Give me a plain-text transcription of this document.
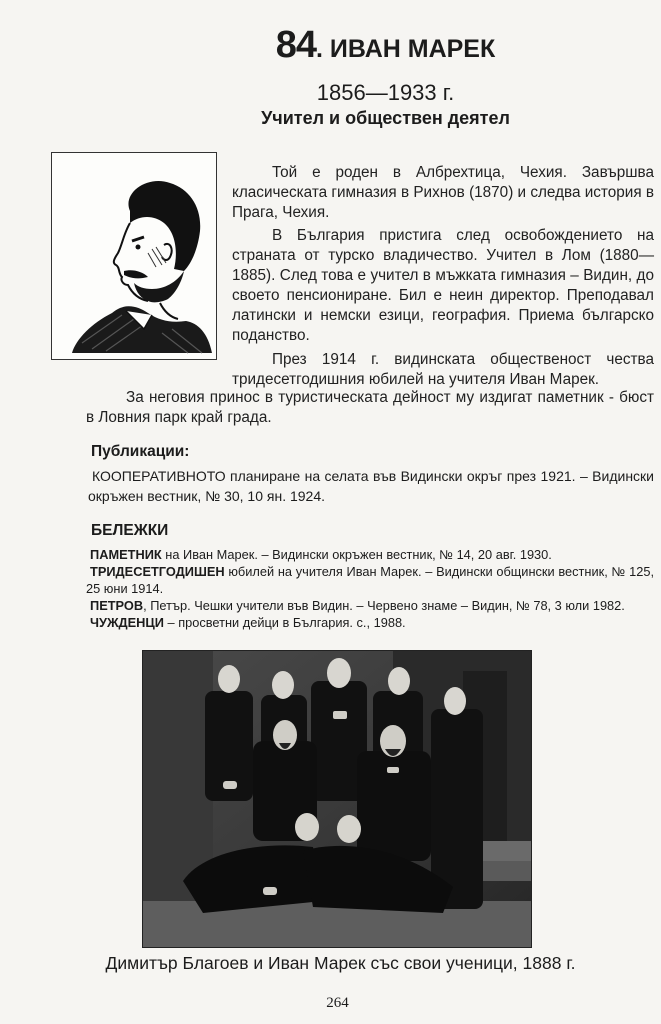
84. ИВАН МАРЕК
1856—1933 г.
Учител и обществен деятел
Той е роден в Албрехтица, Чехия. Завършва класическата гимназия в Рихнов (1870) и следва история в Прага, Чехия.
В България пристига след освобождението на страната от турско владичество. Учител в Лом (1880—1885). След това е учител в мъжката гимназия – Видин, до своето пенсиониране. Бил е неин директор. Преподавал латински и немски езици, география. Приема българско поданство.
През 1914 г. видинската общественост чества тридесетгодишния юбилей на учителя Иван Марек.
За неговия принос в туристическата дейност му издигат паметник - бюст в Ловния парк край града.
Публикации:
КООПЕРАТИВНОТО планиране на селата във Видински окръг през 1921. – Видински окръжен вестник, № 30, 10 ян. 1924.
БЕЛЕЖКИ
ПАМЕТНИК на Иван Марек. – Видински окръжен вестник, № 14, 20 авг. 1930.
ТРИДЕСЕТГОДИШЕН юбилей на учителя Иван Марек. – Видински общински вестник, № 125, 25 юни 1914.
ПЕТРОВ, Петър. Чешки учители във Видин. – Червено знаме – Видин, № 78, 3 юли 1982.
ЧУЖДЕНЦИ – просветни дейци в България. с., 1988.
Димитър Благоев и Иван Марек със свои ученици, 1888 г.
264
